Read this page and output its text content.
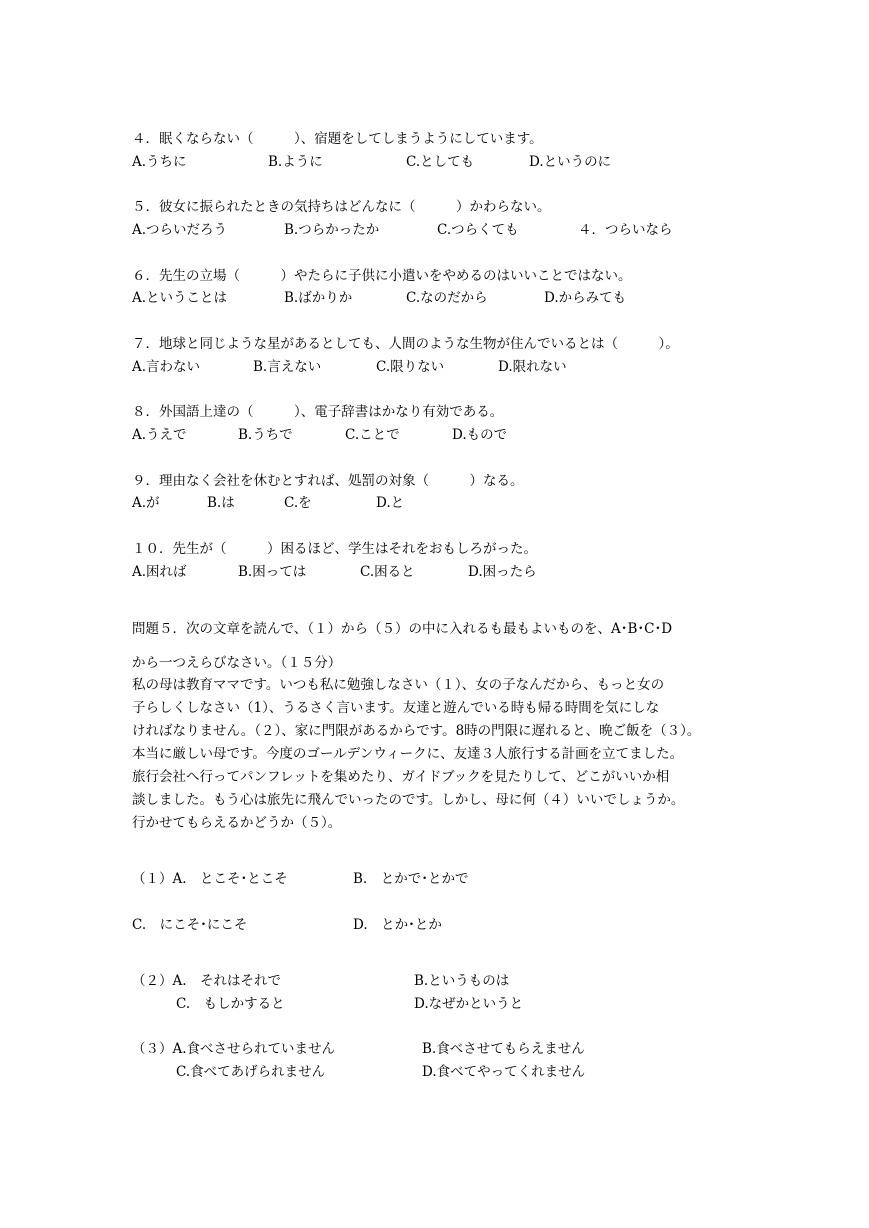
４．眠くならない（　　　）、宿題をしてしまうようにしています。
A.うちに	B.ように	C.としても	D.というのに
５．彼女に振られたときの気持ちはどんなに（　　　）かわらない。
A.つらいだろう	B.つらかったか	C.つらくても	４．つらいなら
６．先生の立場（　　　）やたらに子供に小遣いをやめるのはいいことではない。
A.ということは	B.ばかりか	C.なのだから	D.からみても
７．地球と同じような星があるとしても、人間のような生物が住んでいるとは（　　　）。
A.言わない	B.言えない	C.限りない	D.限れない
８．外国語上達の（　　　）、電子辞書はかなり有効である。
A.うえで	B.うちで	C.ことで	D.もので
９．理由なく会社を休むとすれば、処罰の対象（　　　）なる。
A.が	B.は	C.を	D.と
１０．先生が（　　　）困るほど、学生はそれをおもしろがった。
A.困れば	B.困っては	C.困ると	D.困ったら
問題５．次の文章を読んで、（１）から（５）の中に入れるも最もよいものを、A･B･C･D
から一つえらびなさい。（１５分）
私の母は教育ママです。いつも私に勉強しなさい（１）、女の子なんだから、もっと女の
子らしくしなさい（1）、うるさく言います。友達と遊んでいる時も帰る時間を気にしな
ければなりません。（２）、家に門限があるからです。8時の門限に遅れると、晩ご飯を（３）。
本当に厳しい母です。今度のゴールデンウィークに、友達３人旅行する計画を立てました。
旅行会社へ行ってパンフレットを集めたり、ガイドブックを見たりして、どこがいいか相
談しました。もう心は旅先に飛んでいったのです。しかし、母に何（４）いいでしょうか。
行かせてもらえるかどうか（５）。
（１）A.　とこそ･とこそ	B.　とかで･とかで
C.　にこそ･にこそ	D.　とか･とか
（２）A.　それはそれで	B.というものは
C.　もしかすると	D.なぜかというと
（３）A.食べさせられていません	B.食べさせてもらえません
C.食べてあげられません	D.食べてやってくれません
